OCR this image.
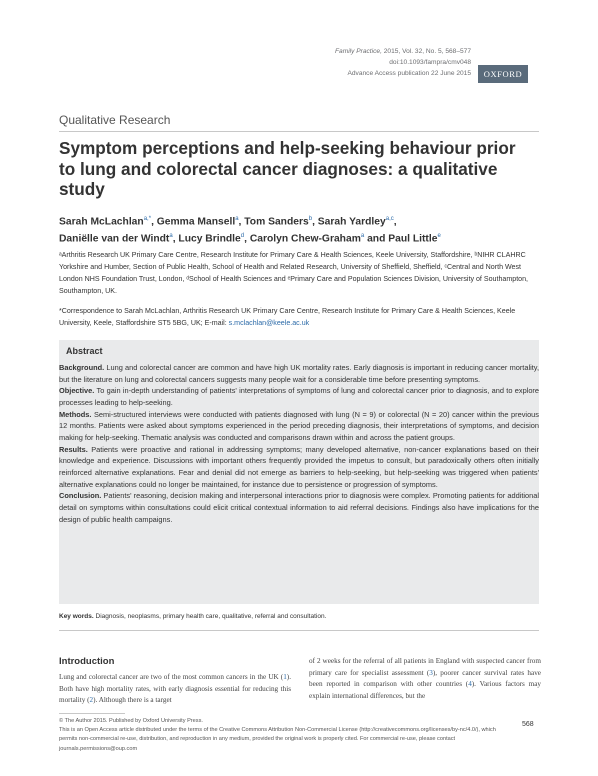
Family Practice, 2015, Vol. 32, No. 5, 568–577
doi:10.1093/fampra/cmv048
Advance Access publication 22 June 2015	OXFORD
Qualitative Research
Symptom perceptions and help-seeking behaviour prior to lung and colorectal cancer diagnoses: a qualitative study
Sarah McLachlan$^{a,*}$, Gemma Mansell$^a$, Tom Sanders$^b$, Sarah Yardley$^{a,c}$,
Daniëlle van der Windt$^a$, Lucy Brindle$^d$, Carolyn Chew-Graham$^a$ and Paul Little$^e$
ᵃArthritis Research UK Primary Care Centre, Research Institute for Primary Care & Health Sciences, Keele University, Staffordshire, ᵇNIHR CLAHRC Yorkshire and Humber, Section of Public Health, School of Health and Related Research, University of Sheffield, Sheffield, ᶜCentral and North West London NHS Foundation Trust, London, ᵈSchool of Health Sciences and ᵉPrimary Care and Population Sciences Division, University of Southampton, Southampton, UK.
*Correspondence to Sarah McLachlan, Arthritis Research UK Primary Care Centre, Research Institute for Primary Care & Health Sciences, Keele University, Keele, Staffordshire ST5 5BG, UK; E-mail: s.mclachlan@keele.ac.uk
Abstract

Background. Lung and colorectal cancer are common and have high UK mortality rates. Early diagnosis is important in reducing cancer mortality, but the literature on lung and colorectal cancers suggests many people wait for a considerable time before presenting symptoms.

Objective. To gain in-depth understanding of patients' interpretations of symptoms of lung and colorectal cancer prior to diagnosis, and to explore processes leading to help-seeking.

Methods. Semi-structured interviews were conducted with patients diagnosed with lung (N = 9) or colorectal (N = 20) cancer within the previous 12 months. Patients were asked about symptoms experienced in the period preceding diagnosis, their interpretations of symptoms, and decision making for help-seeking. Thematic analysis was conducted and comparisons drawn within and across the patient groups.

Results. Patients were proactive and rational in addressing symptoms; many developed alternative, non-cancer explanations based on their knowledge and experience. Discussions with important others frequently provided the impetus to consult, but paradoxically others often initially reinforced alternative explanations. Fear and denial did not emerge as barriers to help-seeking, but help-seeking was triggered when patients' alternative explanations could no longer be maintained, for instance due to persistence or progression of symptoms.

Conclusion. Patients' reasoning, decision making and interpersonal interactions prior to diagnosis were complex. Promoting patients for additional detail on symptoms within consultations could elicit critical contextual information to aid referral decisions. Findings also have implications for the design of public health campaigns.

Key words. Diagnosis, neoplasms, primary health care, qualitative, referral and consultation.
Introduction
Lung and colorectal cancer are two of the most common cancers in the UK (1). Both have high mortality rates, with early diagnosis essential for reducing this mortality (2). Although there is a target
of 2 weeks for the referral of all patients in England with suspected cancer from primary care for specialist assessment (3), poorer cancer survival rates have been reported in comparison with other countries (4). Various factors may explain international differences, but the
© The Author 2015. Published by Oxford University Press.
This is an Open Access article distributed under the terms of the Creative Commons Attribution Non-Commercial License (http://creativecommons.org/licenses/by-nc/4.0/), which permits non-commercial re-use, distribution, and reproduction in any medium, provided the original work is properly cited. For commercial re-use, please contact journals.permissions@oup.com
568
